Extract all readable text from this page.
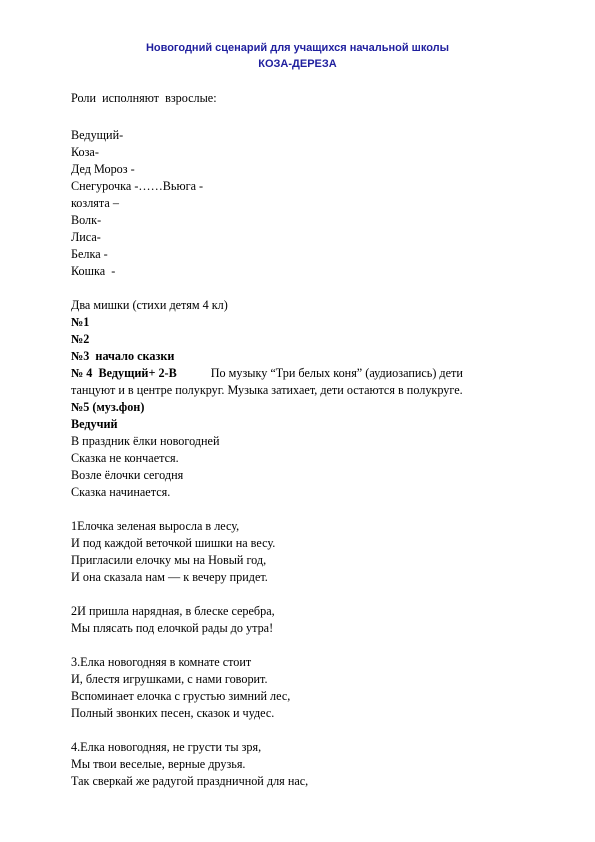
Новогодний сценарий для учащихся начальной школы
КОЗА-ДЕРЕЗА
Роли  исполняют  взрослые:
Ведущий-
Коза-
Дед Мороз -
Снегурочка -……Вьюга -
козлята –
Волк-
Лиса-
Белка -
Кошка  -
Два мишки (стихи детям 4 кл)
№1
№2
№3  начало сказки
№ 4  Ведущий+ 2-В	По музыку “Три белых коня” (аудиозапись) дети
танцуют и в центре полукруг. Музыка затихает, дети остаются в полукруге.
№5 (муз.фон)
Ведучий
В праздник ёлки новогодней
Сказка не кончается.
Возле ёлочки сегодня
Сказка начинается.
1Елочка зеленая выросла в лесу,
И под каждой веточкой шишки на весу.
Пригласили елочку мы на Новый год,
И она сказала нам — к вечеру придет.
2И пришла нарядная, в блеске серебра,
Мы плясать под елочкой рады до утра!
3.Елка новогодняя в комнате стоит
И, блестя игрушками, с нами говорит.
Вспоминает елочка с грустью зимний лес,
Полный звонких песен, сказок и чудес.
4.Елка новогодняя, не грусти ты зря,
Мы твои веселые, верные друзья.
Так сверкай же радугой праздничной для нас,
